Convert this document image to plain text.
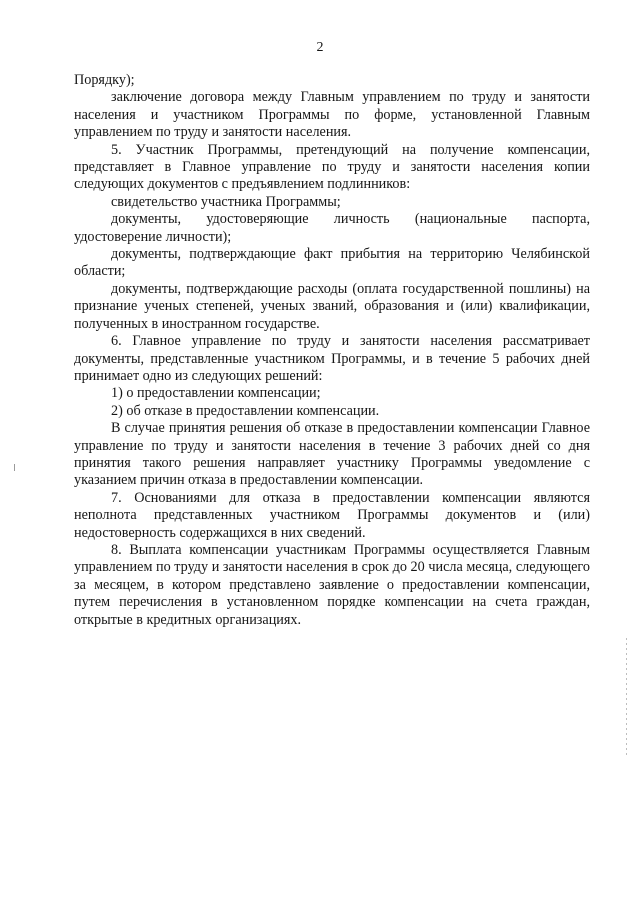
2

Порядку);

заключение договора между Главным управлением по труду и занятости населения и участником Программы по форме, установленной Главным управлением по труду и занятости населения.

5. Участник Программы, претендующий на получение компенсации, представляет в Главное управление по труду и занятости населения копии следующих документов с предъявлением подлинников:

свидетельство участника Программы;

документы, удостоверяющие личность (национальные паспорта, удостоверение личности);

документы, подтверждающие факт прибытия на территорию Челябинской области;

документы, подтверждающие расходы (оплата государственной пошлины) на признание ученых степеней, ученых званий, образования и (или) квалификации, полученных в иностранном государстве.

6. Главное управление по труду и занятости населения рассматривает документы, представленные участником Программы, и в течение 5 рабочих дней принимает одно из следующих решений:

1) о предоставлении компенсации;

2) об отказе в предоставлении компенсации.

В случае принятия решения об отказе в предоставлении компенсации Главное управление по труду и занятости населения в течение 3 рабочих дней со дня принятия такого решения направляет участнику Программы уведомление с указанием причин отказа в предоставлении компенсации.

7. Основаниями для отказа в предоставлении компенсации являются неполнота представленных участником Программы документов и (или) недостоверность содержащихся в них сведений.

8. Выплата компенсации участникам Программы осуществляется Главным управлением по труду и занятости населения в срок до 20 числа месяца, следующего за месяцем, в котором представлено заявление о предоставлении компенсации, путем перечисления в установленном порядке компенсации на счета граждан, открытые в кредитных организациях.
